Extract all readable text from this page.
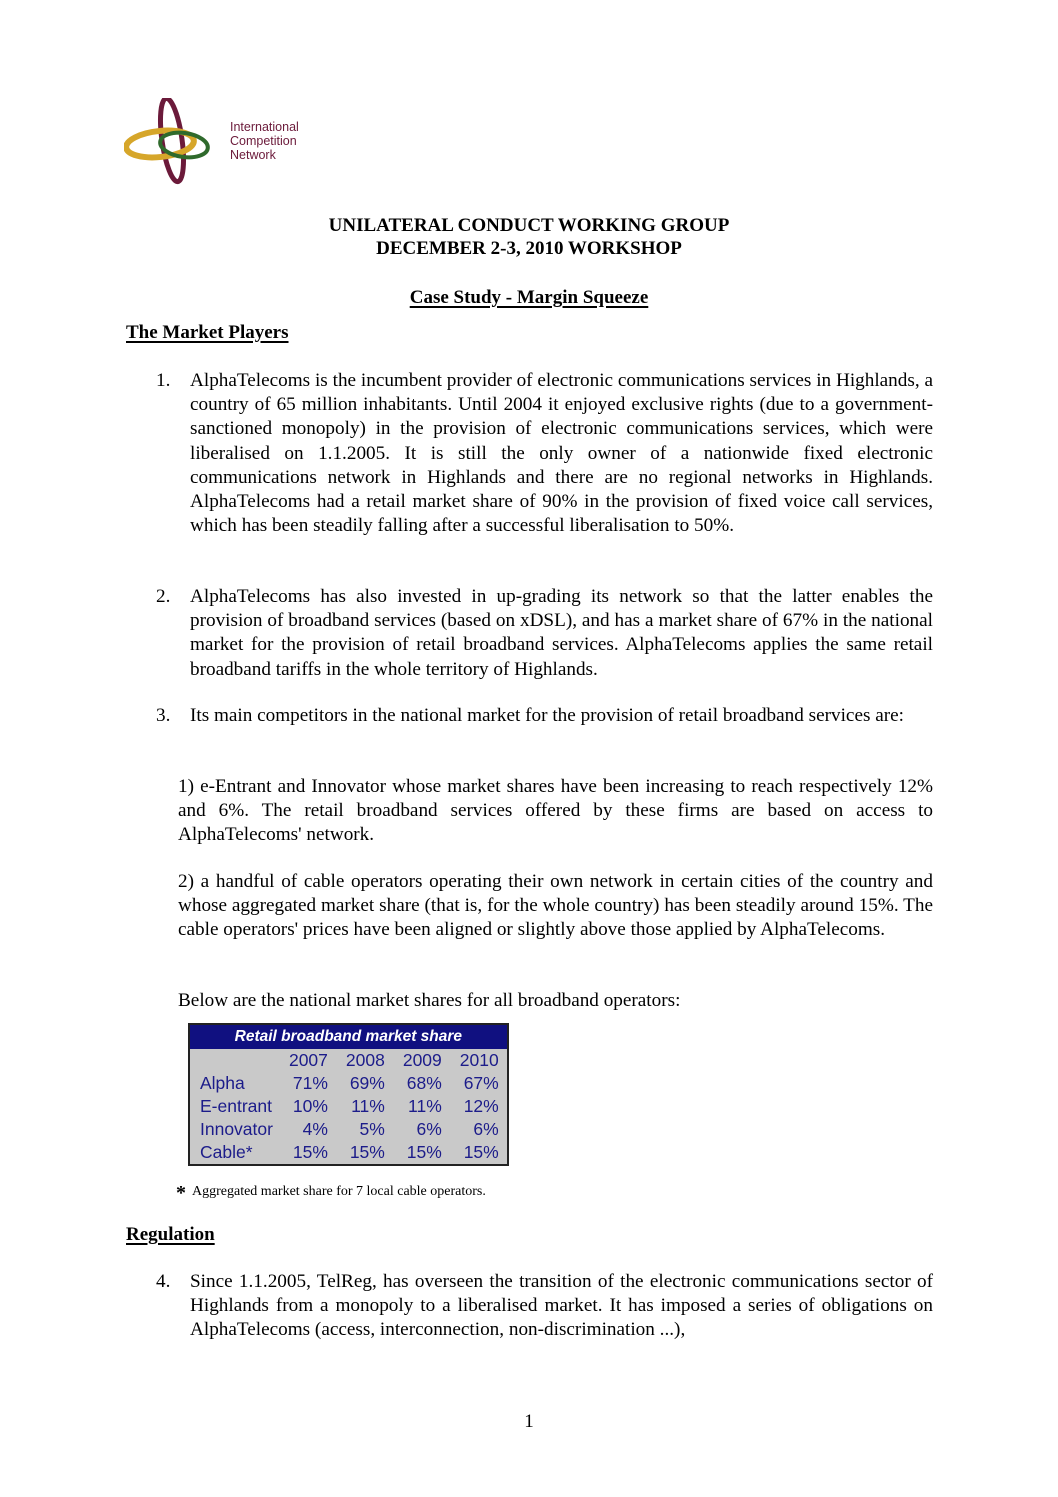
International
Competition
Network
UNILATERAL CONDUCT WORKING GROUP
DECEMBER 2-3, 2010 WORKSHOP
Case Study - Margin Squeeze
The Market Players
1. AlphaTelecoms is the incumbent provider of electronic communications services in Highlands, a country of 65 million inhabitants. Until 2004 it enjoyed exclusive rights (due to a government-sanctioned monopoly) in the provision of electronic communications services, which were liberalised on 1.1.2005. It is still the only owner of a nationwide fixed electronic communications network in Highlands and there are no regional networks in Highlands. AlphaTelecoms had a retail market share of 90% in the provision of fixed voice call services, which has been steadily falling after a successful liberalisation to 50%.
2. AlphaTelecoms has also invested in up-grading its network so that the latter enables the provision of broadband services (based on xDSL), and has a market share of 67% in the national market for the provision of retail broadband services. AlphaTelecoms applies the same retail broadband tariffs in the whole territory of Highlands.
3. Its main competitors in the national market for the provision of retail broadband services are:
1) e-Entrant and Innovator whose market shares have been increasing to reach respectively 12% and 6%. The retail broadband services offered by these firms are based on access to AlphaTelecoms' network.
2) a handful of cable operators operating their own network in certain cities of the country and whose aggregated market share (that is, for the whole country) has been steadily around 15%. The cable operators' prices have been aligned or slightly above those applied by AlphaTelecoms.
Below are the national market shares for all broadband operators:
Retail broadband market share				
	2007	2008	2009	2010
Alpha	71%	69%	68%	67%
E-entrant	10%	11%	11%	12%
Innovator	4%	5%	6%	6%
Cable*	15%	15%	15%	15%
* Aggregated market share for 7 local cable operators.
Regulation
4. Since 1.1.2005, TelReg, has overseen the transition of the electronic communications sector of Highlands from a monopoly to a liberalised market. It has imposed a series of obligations on AlphaTelecoms (access, interconnection, non-discrimination ...),
1
